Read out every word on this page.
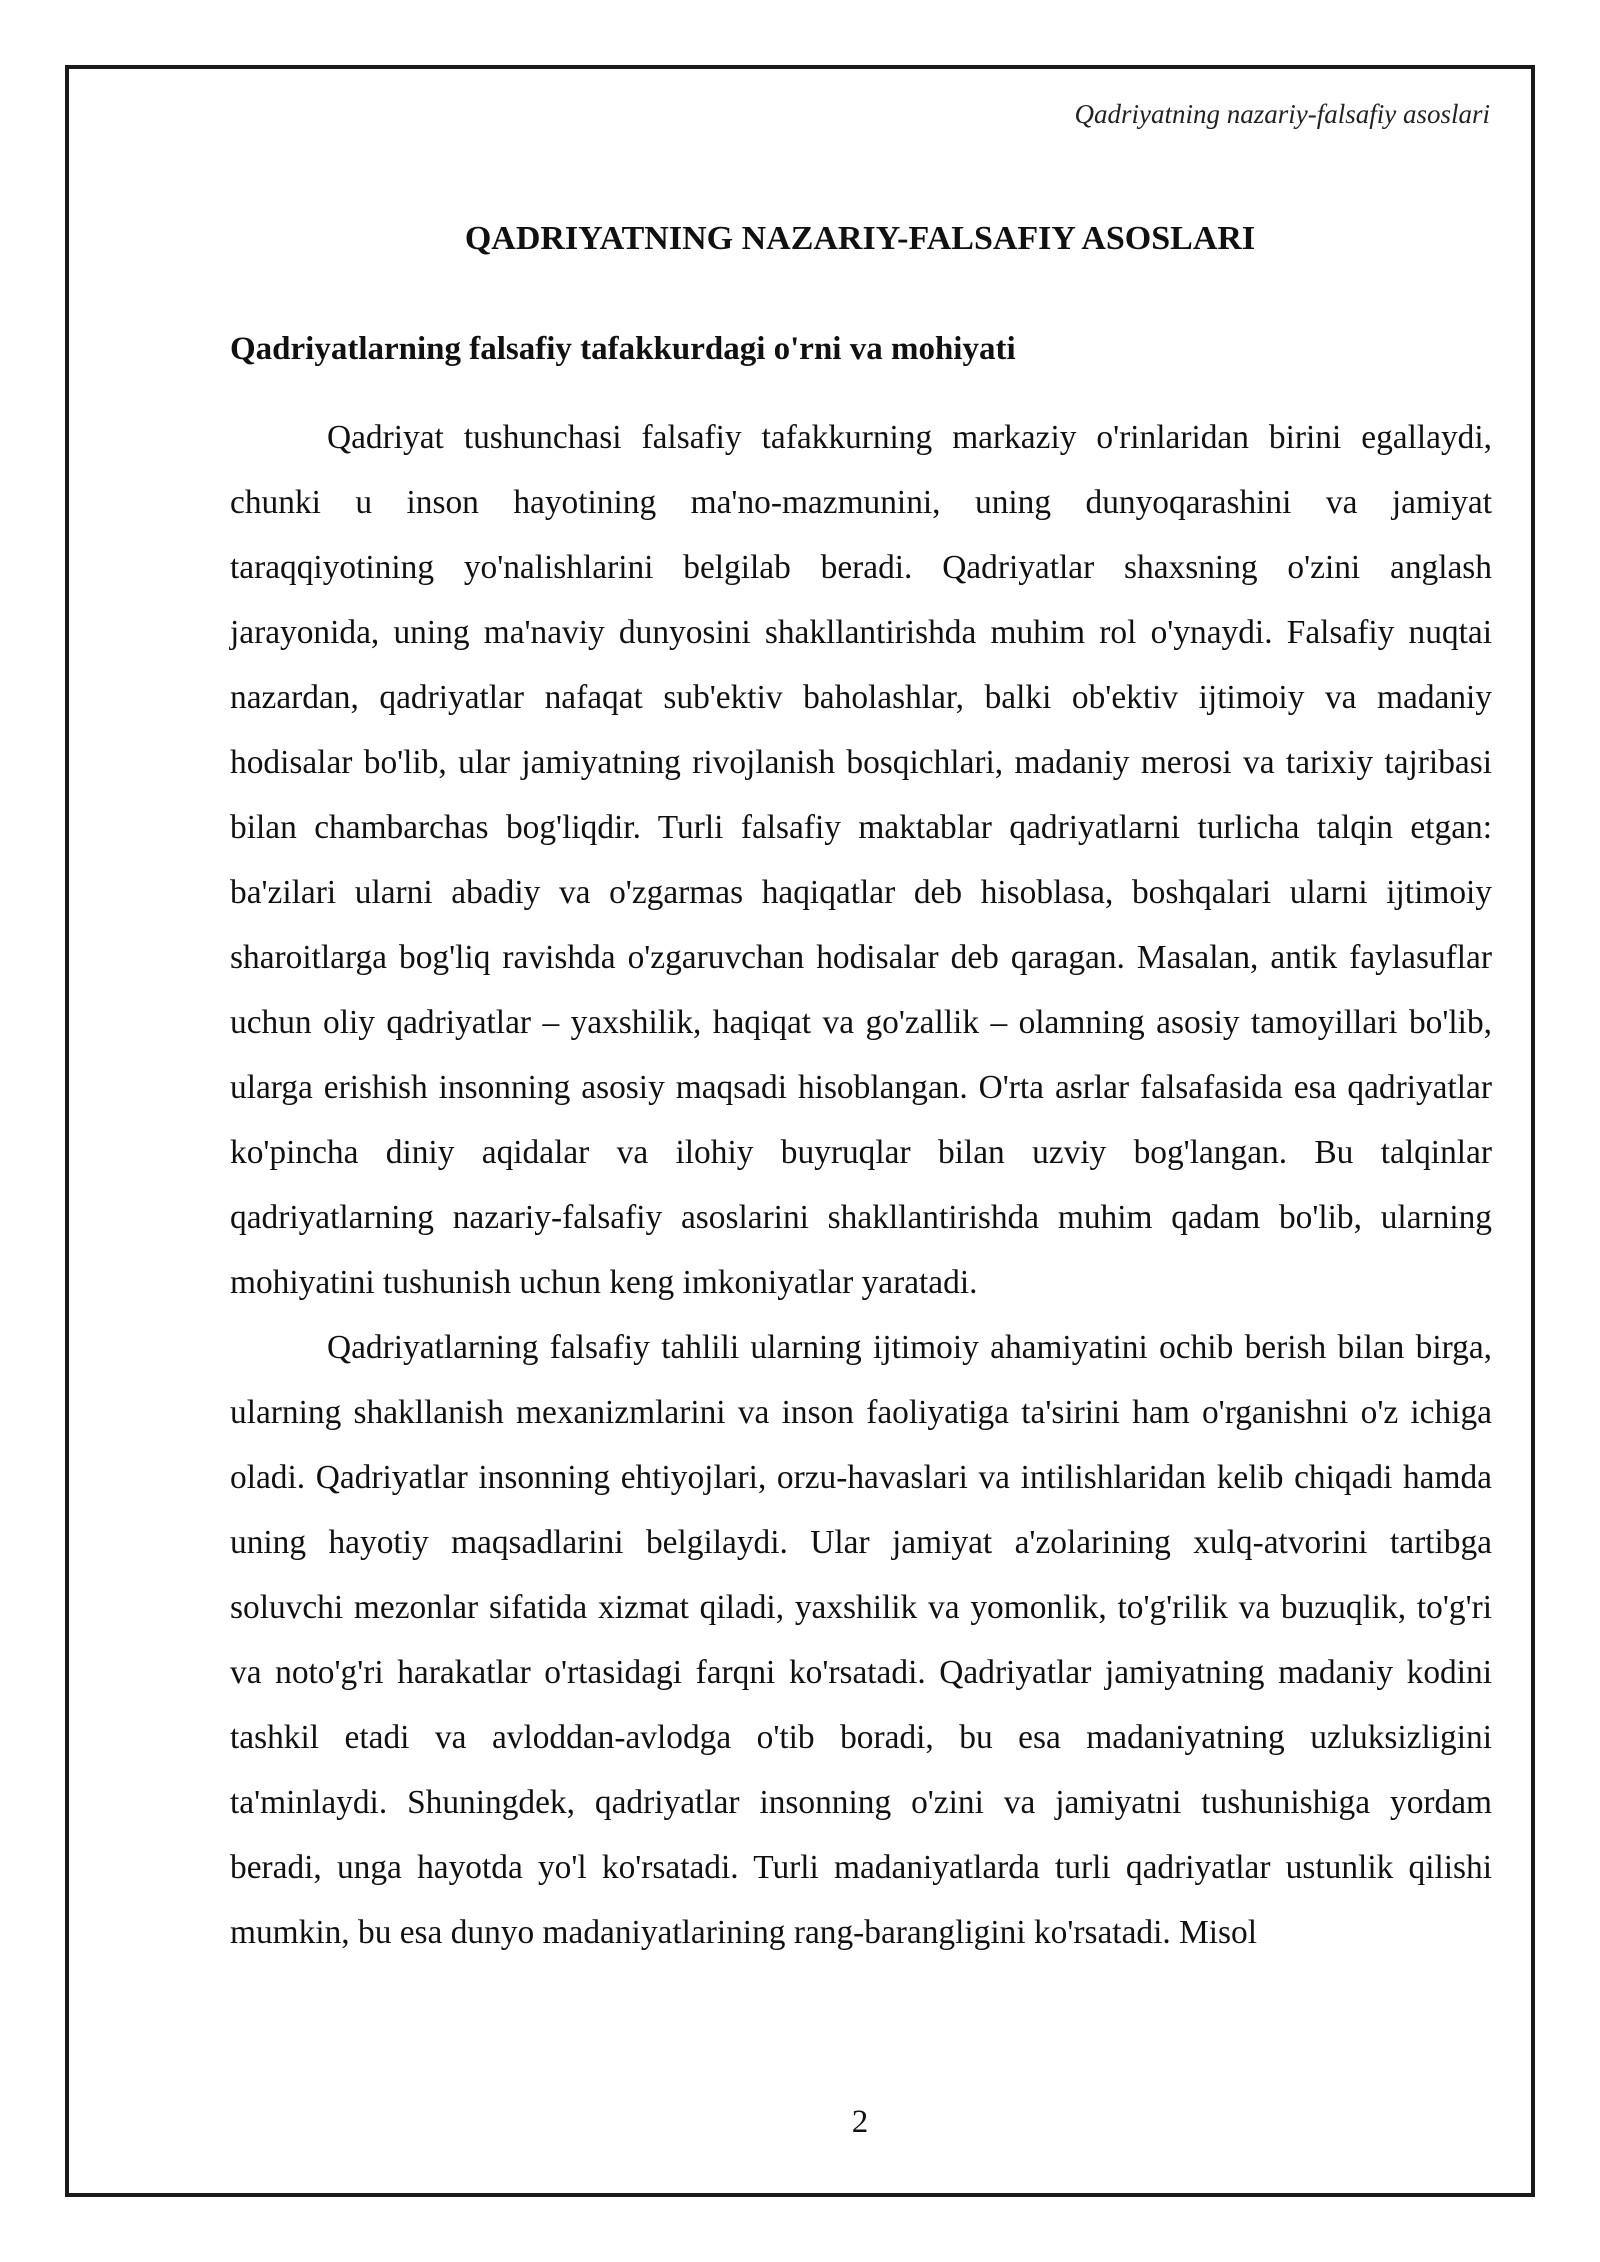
Qadriyatning nazariy-falsafiy asoslari
QADRIYATNING NAZARIY-FALSAFIY ASOSLARI
Qadriyatlarning falsafiy tafakkurdagi o'rni va mohiyati

Qadriyat tushunchasi falsafiy tafakkurning markaziy o'rinlaridan birini egallaydi, chunki u inson hayotining ma'no-mazmunini, uning dunyoqarashini va jamiyat taraqqiyotining yo'nalishlarini belgilab beradi. Qadriyatlar shaxsning o'zini anglash jarayonida, uning ma'naviy dunyosini shakllantirishda muhim rol o'ynaydi. Falsafiy nuqtai nazardan, qadriyatlar nafaqat sub'ektiv baholashlar, balki ob'ektiv ijtimoiy va madaniy hodisalar bo'lib, ular jamiyatning rivojlanish bosqichlari, madaniy merosi va tarixiy tajribasi bilan chambarchas bog'liqdir. Turli falsafiy maktablar qadriyatlarni turlicha talqin etgan: ba'zilari ularni abadiy va o'zgarmas haqiqatlar deb hisoblasa, boshqalari ularni ijtimoiy sharoitlarga bog'liq ravishda o'zgaruvchan hodisalar deb qaragan. Masalan, antik faylasuflar uchun oliy qadriyatlar – yaxshilik, haqiqat va go'zallik – olamning asosiy tamoyillari bo'lib, ularga erishish insonning asosiy maqsadi hisoblangan. O'rta asrlar falsafasida esa qadriyatlar ko'pincha diniy aqidalar va ilohiy buyruqlar bilan uzviy bog'langan. Bu talqinlar qadriyatlarning nazariy-falsafiy asoslarini shakllantirishda muhim qadam bo'lib, ularning mohiyatini tushunish uchun keng imkoniyatlar yaratadi.

Qadriyatlarning falsafiy tahlili ularning ijtimoiy ahamiyatini ochib berish bilan birga, ularning shakllanish mexanizmlarini va inson faoliyatiga ta'sirini ham o'rganishni o'z ichiga oladi. Qadriyatlar insonning ehtiyojlari, orzu-havaslari va intilishlaridan kelib chiqadi hamda uning hayotiy maqsadlarini belgilaydi. Ular jamiyat a'zolarining xulq-atvorini tartibga soluvchi mezonlar sifatida xizmat qiladi, yaxshilik va yomonlik, to'g'rilik va buzuqlik, to'g'ri va noto'g'ri harakatlar o'rtasidagi farqni ko'rsatadi. Qadriyatlar jamiyatning madaniy kodini tashkil etadi va avloddan-avlodga o'tib boradi, bu esa madaniyatning uzluksizligini ta'minlaydi. Shuningdek, qadriyatlar insonning o'zini va jamiyatni tushunishiga yordam beradi, unga hayotda yo'l ko'rsatadi. Turli madaniyatlarda turli qadriyatlar ustunlik qilishi mumkin, bu esa dunyo madaniyatlarining rang-barangligini ko'rsatadi. Misol

2
